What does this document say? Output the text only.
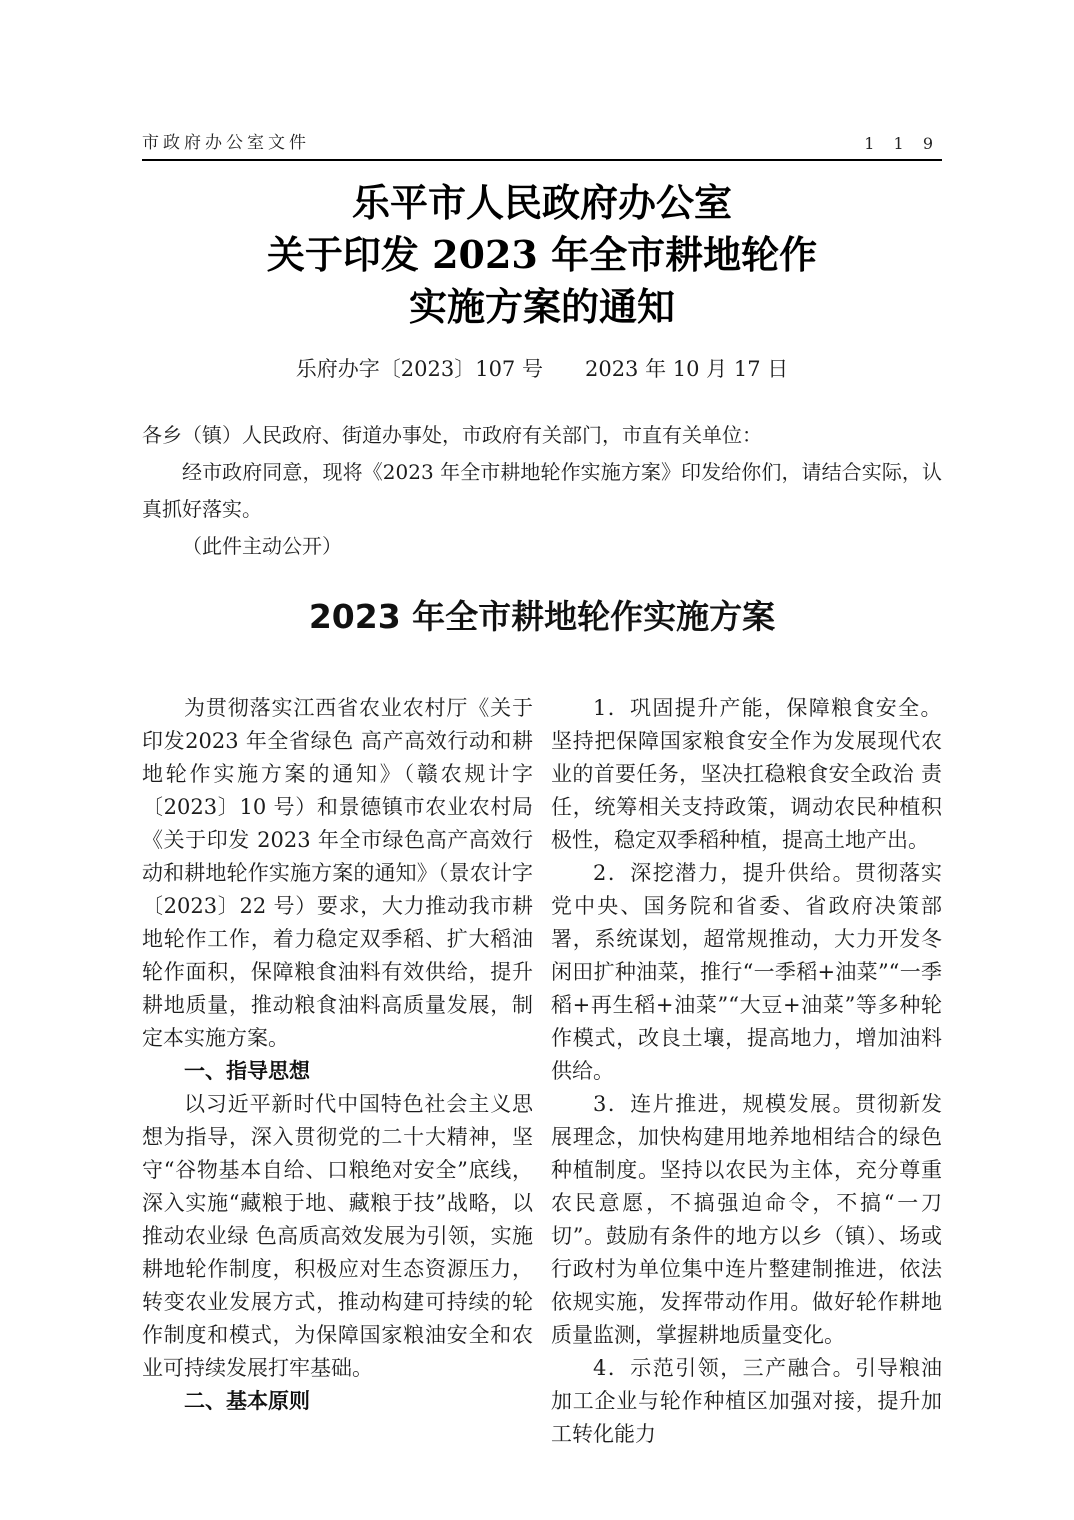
市政府办公室文件	1 1 9
乐平市人民政府办公室
关于印发 2023 年全市耕地轮作
实施方案的通知
乐府办字〔2023〕107 号 2023 年 10 月 17 日

各乡（镇）人民政府、街道办事处，市政府有关部门，市直有关单位：

经市政府同意，现将《2023 年全市耕地轮作实施方案》印发给你们，请结合实际，认真抓好落实。

（此件主动公开）

2023 年全市耕地轮作实施方案

为贯彻落实江西省农业农村厅《关于印发2023 年全省绿色 高产高效行动和耕地轮作实施方案的通知》（赣农规计字 〔2023〕10 号）和景德镇市农业农村局《关于印发 2023 年全市绿色高产高效行动和耕地轮作实施方案的通知》（景农计字〔2023〕22 号）要求，大力推动我市耕地轮作工作，着力稳定双季稻、扩大稻油轮作面积，保障粮食油料有效供给，提升耕地质量，推动粮食油料高质量发展，制定本实施方案。

一、指导思想

以习近平新时代中国特色社会主义思想为指导，深入贯彻党的二十大精神，坚守“谷物基本自给、口粮绝对安全”底线，深入实施“藏粮于地、藏粮于技”战略，以推动农业绿 色高质高效发展为引领，实施耕地轮作制度，积极应对生态资源压力，转变农业发展方式，推动构建可持续的轮作制度和模式，为保障国家粮油安全和农业可持续发展打牢基础。

二、基本原则

1．巩固提升产能，保障粮食安全。坚持把保障国家粮食安全作为发展现代农业的首要任务，坚决扛稳粮食安全政治 责任，统筹相关支持政策，调动农民种植积极性，稳定双季稻种植，提高土地产出。

2．深挖潜力，提升供给。贯彻落实党中央、国务院和省委、省政府决策部署，系统谋划，超常规推动，大力开发冬闲田扩种油菜，推行“一季稻+油菜”“一季稻+再生稻+油菜”“大豆+油菜”等多种轮作模式，改良土壤，提高地力，增加油料供给。

3．连片推进，规模发展。贯彻新发展理念，加快构建用地养地相结合的绿色种植制度。坚持以农民为主体，充分尊重农民意愿，不搞强迫命令，不搞“一刀切”。鼓励有条件的地方以乡（镇）、场或行政村为单位集中连片整建制推进，依法依规实施，发挥带动作用。做好轮作耕地质量监测，掌握耕地质量变化。

4．示范引领，三产融合。引导粮油加工企业与轮作种植区加强对接，提升加工转化能力
